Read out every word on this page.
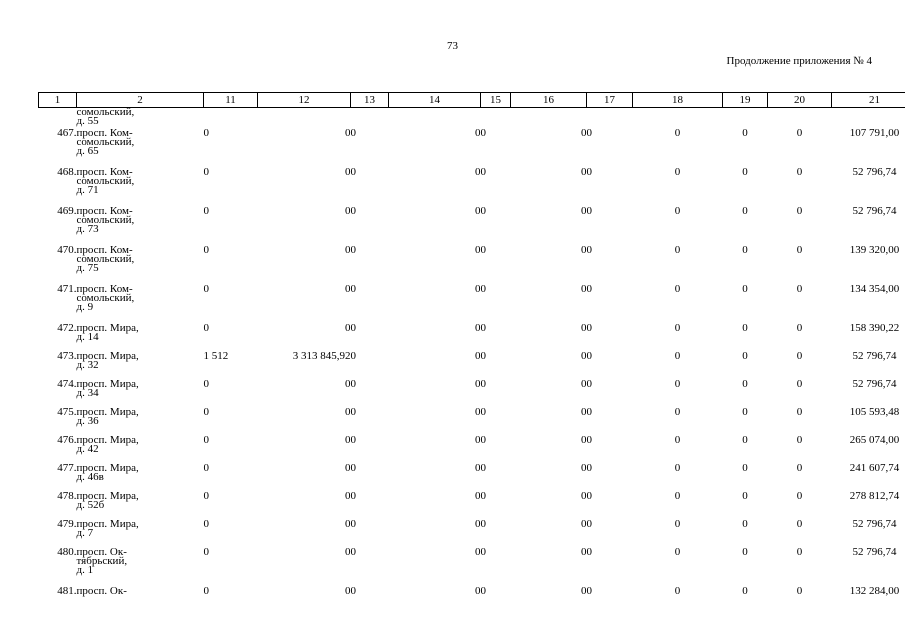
73
Продолжение приложения № 4
1	2	11	12	13	14	15	16	17	18	19	20	21

	сомольский,
д. 55											

467.	просп. Ком-
сомольский,
д. 65	0	0	0	0	0	0	0	0	0	0	107 791,00
468.	просп. Ком-
сомольский,
д. 71	0	0	0	0	0	0	0	0	0	0	52 796,74
469.	просп. Ком-
сомольский,
д. 73	0	0	0	0	0	0	0	0	0	0	52 796,74
470.	просп. Ком-
сомольский,
д. 75	0	0	0	0	0	0	0	0	0	0	139 320,00
471.	просп. Ком-
сомольский,
д. 9	0	0	0	0	0	0	0	0	0	0	134 354,00
472.	просп. Мира,
д. 14	0	0	0	0	0	0	0	0	0	0	158 390,22
473.	просп. Мира,
д. 32	1 512	3 313 845,92	0	0	0	0	0	0	0	0	52 796,74
474.	просп. Мира,
д. 34	0	0	0	0	0	0	0	0	0	0	52 796,74
475.	просп. Мира,
д. 36	0	0	0	0	0	0	0	0	0	0	105 593,48
476.	просп. Мира,
д. 42	0	0	0	0	0	0	0	0	0	0	265 074,00
477.	просп. Мира,
д. 46в	0	0	0	0	0	0	0	0	0	0	241 607,74
478.	просп. Мира,
д. 52б	0	0	0	0	0	0	0	0	0	0	278 812,74
479.	просп. Мира,
д. 7	0	0	0	0	0	0	0	0	0	0	52 796,74
480.	просп. Ок-
тябрьский,
д. 1	0	0	0	0	0	0	0	0	0	0	52 796,74
481.	просп. Ок-	0	0	0	0	0	0	0	0	0	0	132 284,00
